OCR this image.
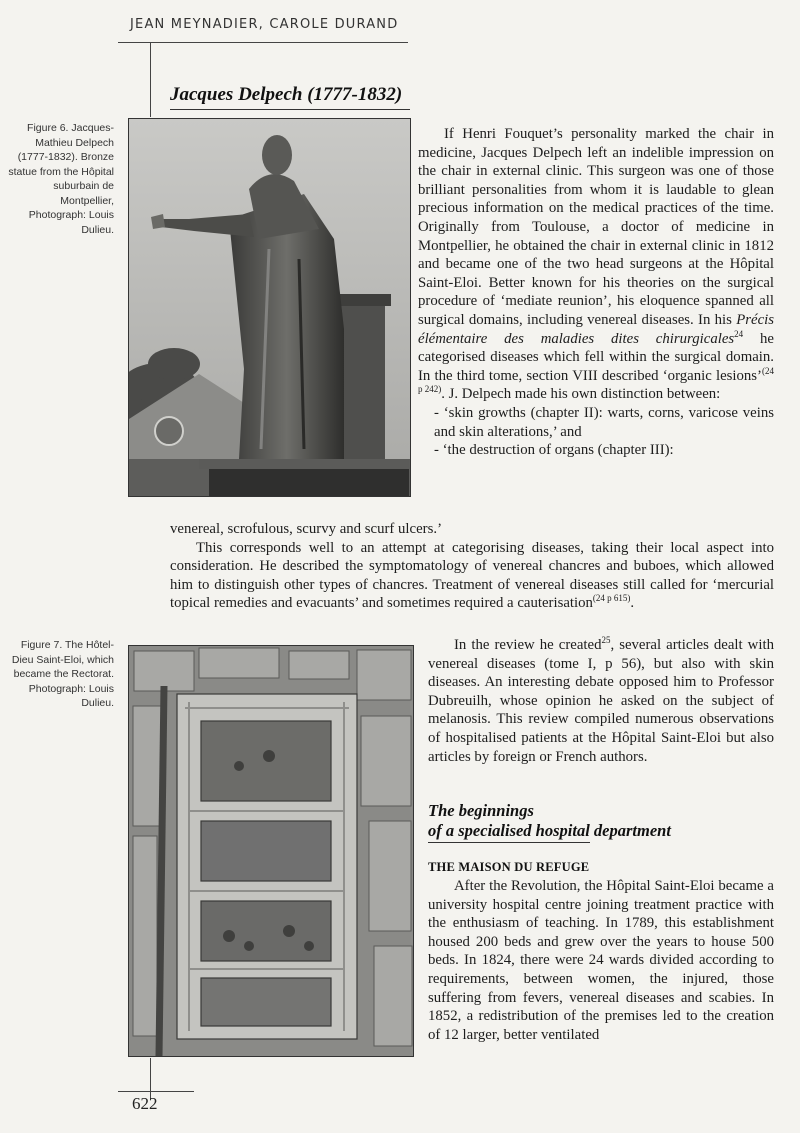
JEAN MEYNADIER, CAROLE DURAND
Jacques Delpech (1777-1832)
Figure 6. Jacques-Mathieu Delpech (1777-1832). Bronze statue from the Hôpital suburbain de Montpellier, Photograph: Louis Dulieu.
Figure 7. The Hôtel-Dieu Saint-Eloi, which became the Rectorat. Photograph: Louis Dulieu.

If Henri Fouquet’s personality marked the chair in medicine, Jacques Delpech left an indelible impression on the chair in external clinic. This surgeon was one of those brilliant personalities from whom it is laudable to glean precious information on the medical practices of the time. Originally from Toulouse, a doctor of medicine in Montpellier, he obtained the chair in external clinic in 1812 and became one of the two head surgeons at the Hôpital Saint-Eloi. Better known for his theories on the surgical procedure of ‘mediate reunion’, his eloquence spanned all surgical domains, including venereal diseases. In his Précis élémentaire des maladies dites chirurgicales$^{24}$ he categorised diseases which fell within the surgical domain. In the third tome, section VIII described ‘organic lesions’$^{(24 p 242)}$. J. Delpech made his own distinction between:

- ‘skin growths (chapter II): warts, corns, varicose veins and skin alterations,’ and

- ‘the destruction of organs (chapter III):

venereal, scrofulous, scurvy and scurf ulcers.’

This corresponds well to an attempt at categorising diseases, taking their local aspect into consideration. He described the symptomatology of venereal chancres and buboes, which allowed him to distinguish other types of chancres. Treatment of venereal diseases still called for ‘mercurial topical remedies and evacuants’ and sometimes required a cauterisation$^{(24 p 615)}$.

In the review he created$^{25}$, several articles dealt with venereal diseases (tome I, p 56), but also with skin diseases. An interesting debate opposed him to Professor Dubreuilh, whose opinion he asked on the subject of melanosis. This review compiled numerous observations of hospitalised patients at the Hôpital Saint-Eloi but also articles by foreign or French authors.

The beginnings
of a specialised hospital department
THE MAISON DU REFUGE

After the Revolution, the Hôpital Saint-Eloi became a university hospital centre joining treatment practice with the enthusiasm of teaching. In 1789, this establishment housed 200 beds and grew over the years to house 500 beds. In 1824, there were 24 wards divided according to requirements, between women, the injured, those suffering from fevers, venereal diseases and scabies. In 1852, a redistribution of the premises led to the creation of 12 larger, better ventilated

622
